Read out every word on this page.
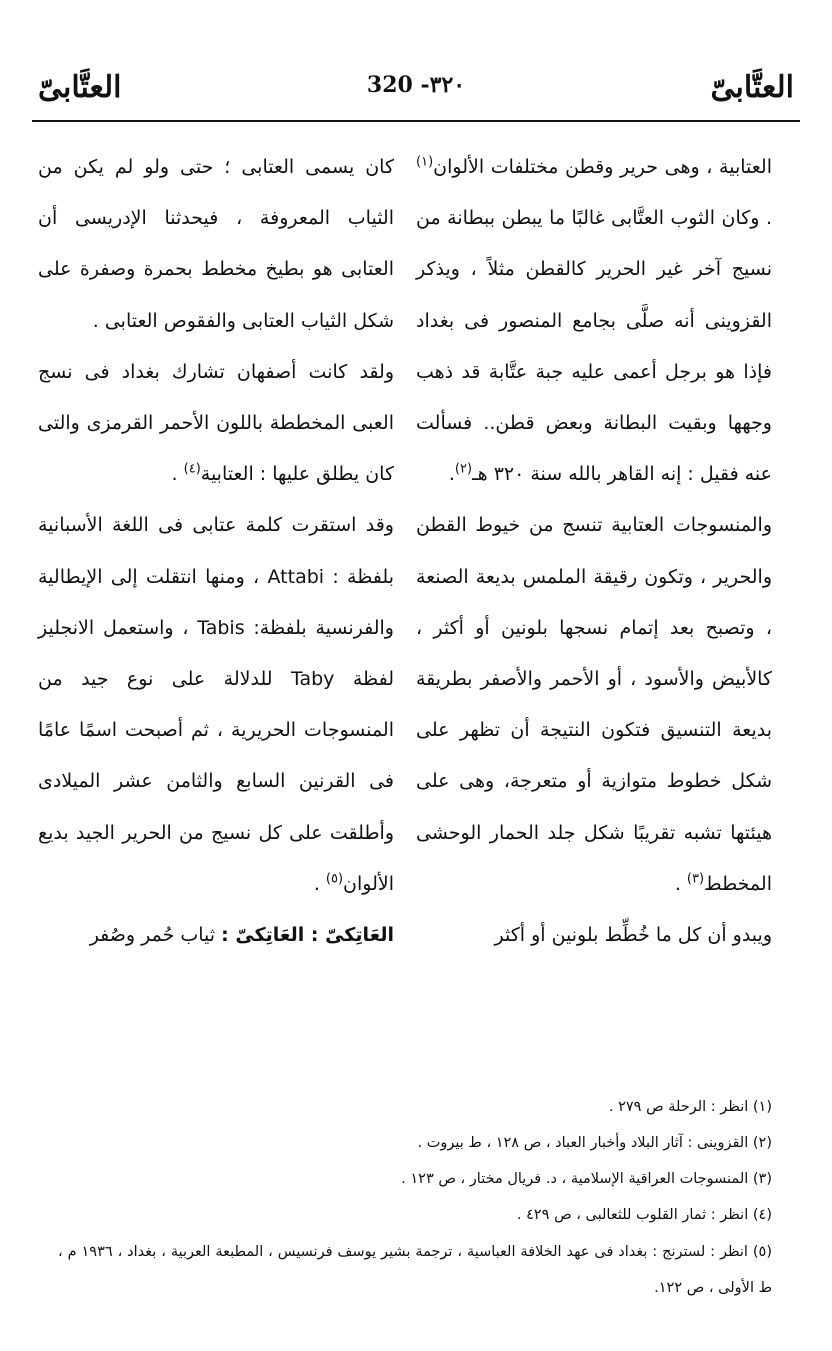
العتَّابىّ
320 -٣٢٠
العتَّابىّ

العتابية ، وهى حرير وقطن مختلفات الألوان$^{(١)}$ . وكان الثوب العتَّابى غالبًا ما يبطن ببطانة من نسيج آخر غير الحرير كالقطن مثلاً ، ويذكر القزوينى أنه صلَّى بجامع المنصور فى بغداد فإذا هو برجل أعمى عليه جبة عتَّابة قد ذهب وجهها وبقيت البطانة وبعض قطن.. فسألت عنه فقيل : إنه القاهر بالله سنة ٣٢٠ هـ$^{(٢)}$.

والمنسوجات العتابية تنسج من خيوط القطن والحرير ، وتكون رقيقة الملمس بديعة الصنعة ، وتصبح بعد إتمام نسجها بلونين أو أكثر ، كالأبيض والأسود ، أو الأحمر والأصفر بطريقة بديعة التنسيق فتكون النتيجة أن تظهر على شكل خطوط متوازية أو متعرجة، وهى على هيئتها تشبه تقريبًا شكل جلد الحمار الوحشى المخطط$^{(٣)}$ .

ويبدو أن كل ما خُطِّط بلونين أو أكثر

كان يسمى العتابى ؛ حتى ولو لم يكن من الثياب المعروفة ، فيحدثنا الإدريسى أن العتابى هو بطيخ مخطط بحمرة وصفرة على شكل الثياب العتابى والفقوص العتابى .

ولقد كانت أصفهان تشارك بغداد فى نسج العبى المخططة باللون الأحمر القرمزى والتى كان يطلق عليها : العتابية$^{(٤)}$ .

وقد استقرت كلمة عتابى فى اللغة الأسبانية بلفظة : Attabi ، ومنها انتقلت إلى الإيطالية والفرنسية بلفظة: Tabis ، واستعمل الانجليز لفظة Taby للدلالة على نوع جيد من المنسوجات الحريرية ، ثم أصبحت اسمًا عامًا فى القرنين السابع والثامن عشر الميلادى وأطلقت على كل نسيج من الحرير الجيد بديع الألوان$^{(٥)}$ .

العَاتِكىّ : العَاتِكىّ : ثياب حُمر وصُفر

(١) انظر : الرحلة ص ٢٧٩ .

(٢) القزوينى : آثار البلاد وأخبار العباد ، ص ١٢٨ ، ط بيروت .

(٣) المنسوجات العراقية الإسلامية ، د. فريال مختار ، ص ١٢٣ .

(٤) انظر : ثمار القلوب للثعالبى ، ص ٤٢٩ .

(٥) انظر : لسترنج : بغداد فى عهد الخلافة العباسية ، ترجمة بشير يوسف فرنسيس ، المطبعة العربية ، بغداد ، ١٩٣٦ م ، ط الأولى ، ص ١٢٢.
